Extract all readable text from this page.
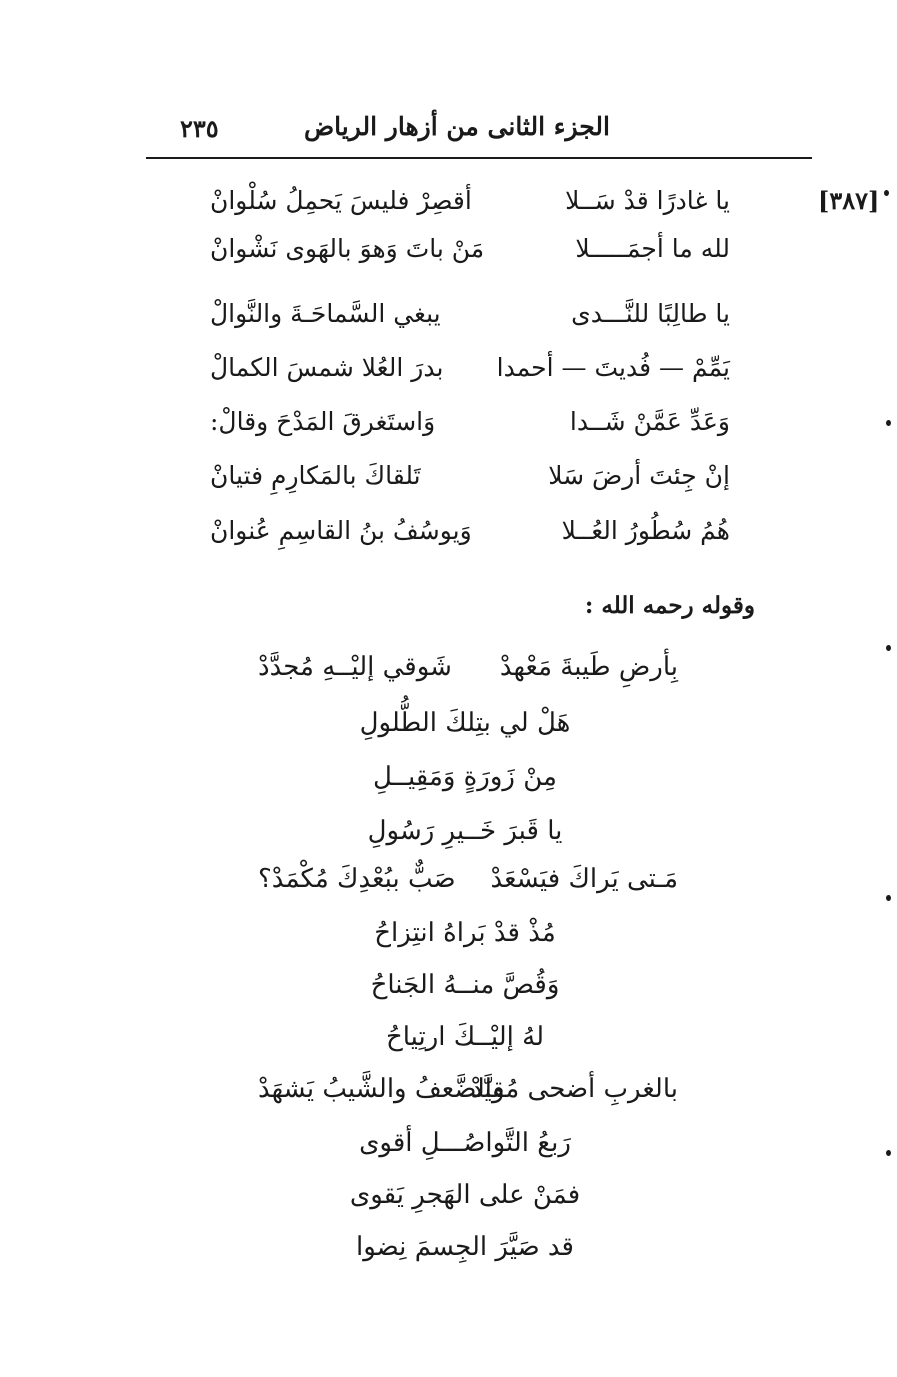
الجزء الثانى من أزهار الرياض
٢٣٥
[٣٨٧]
يا غادرًا قدْ سَــلا
أقصِرْ فليسَ يَحمِلُ سُلْوانْ
لله ما أجمَـــــلا
مَنْ باتَ وَهوَ بالهَوى نَشْوانْ
يا طالِبًا للنَّـــدى
يبغي السَّماحَـةَ والنَّوالْ
يَمِّمْ — فُديتَ — أحمدا
بدرَ العُلا شمسَ الكمالْ
وَعَدِّ عَمَّنْ شَــدا
وَاستَغرقَ المَدْحَ وقالْ:
إنْ جِئتَ أرضَ سَلا
تَلقاكَ بالمَكارِمِ فتيانْ
هُمُ سُطُورُ العُــلا
وَيوسُفُ بنُ القاسِمِ عُنوانْ
وقوله رحمه الله :
بِأرضِ طَيبةَ مَعْهدْ
شَوقي إليْــهِ مُجدَّدْ
هَلْ لي بتِلكَ الطُّلولِ
مِنْ زَورَةٍ وَمَقِيــلِ
يا قَبرَ خَــيرِ رَسُولِ
مَـتى يَراكَ فيَسْعَدْ
صَبٌّ ببُعْدِكَ مُكْمَدْ؟
مُذْ قدْ بَراهُ انتِزاحُ
وَقُصَّ منــهُ الجَناحُ
لهُ إليْــكَ ارتِياحُ
بالغربِ أضحى مُقيَّدْ
والضَّعفُ والشَّيبُ يَشهَدْ
رَبعُ التَّواصُـــلِ أقوى
فمَنْ على الهَجرِ يَقوى
قد صَيَّرَ الجِسمَ نِضوا
